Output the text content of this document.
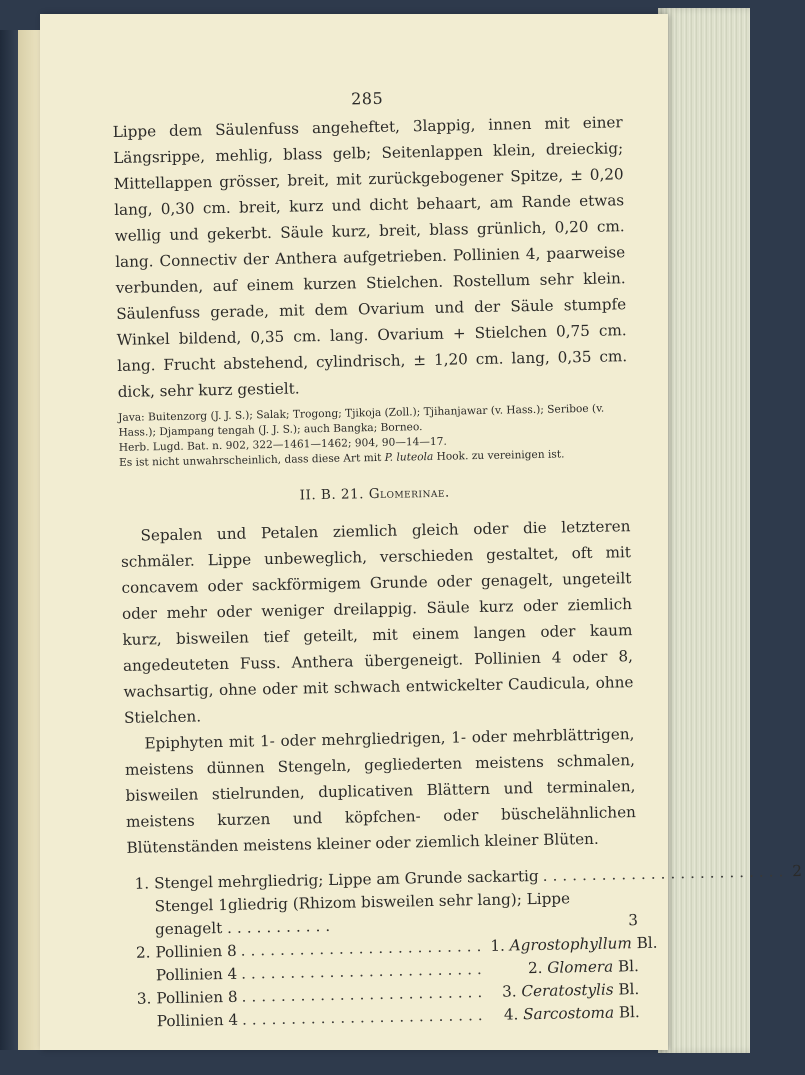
285

Lippe dem Säulenfuss angeheftet, 3lappig, innen mit einer Längsrippe, mehlig, blass gelb; Seitenlappen klein, dreieckig; Mittellappen grösser, breit, mit zurückgebogener Spitze, ± 0,20 lang, 0,30 cm. breit, kurz und dicht behaart, am Rande etwas wellig und gekerbt. Säule kurz, breit, blass grünlich, 0,20 cm. lang. Connectiv der Anthera aufgetrieben. Pollinien 4, paarweise verbunden, auf einem kurzen Stielchen. Rostellum sehr klein. Säulenfuss gerade, mit dem Ovarium und der Säule stumpfe Winkel bildend, 0,35 cm. lang. Ovarium + Stielchen 0,75 cm. lang. Frucht abstehend, cylindrisch, ± 1,20 cm. lang, 0,35 cm. dick, sehr kurz gestielt.

Java: Buitenzorg (J. J. S.); Salak; Trogong; Tjikoja (Zoll.); Tjihanjawar (v. Hass.); Seriboe (v. Hass.); Djampang tengah (J. J. S.); auch Bangka; Borneo.

Herb. Lugd. Bat. n. 902, 322—1461—1462; 904, 90—14—17.

Es ist nicht unwahrscheinlich, dass diese Art mit P. luteola Hook. zu vereinigen ist.

II. B. 21. Glomerinae.

Sepalen und Petalen ziemlich gleich oder die letzteren schmäler. Lippe unbeweglich, verschieden gestaltet, oft mit concavem oder sackförmigem Grunde oder genagelt, ungeteilt oder mehr oder weniger dreilappig. Säule kurz oder ziemlich kurz, bisweilen tief geteilt, mit einem langen oder kaum angedeuteten Fuss. Anthera übergeneigt. Pollinien 4 oder 8, wachsartig, ohne oder mit schwach entwickelter Caudicula, ohne Stielchen.

Epiphyten mit 1- oder mehrgliedrigen, 1- oder mehrblättrigen, meistens dünnen Stengeln, gegliederten meistens schmalen, bisweilen stielrunden, duplicativen Blättern und terminalen, meistens kurzen und köpfchen- oder büschelähnlichen Blütenständen meistens kleiner oder ziemlich kleiner Blüten.

1. Stengel mehrgliedrig; Lippe am Grunde sackartig ......................... 2
Stengel 1gliedrig (Rhizom bisweilen sehr lang); Lippe genagelt ...........	3
2. Pollinien 8 ......................... 1. Agrostophyllum Bl.
Pollinien 4 .........................	2. Glomera Bl.
3. Pollinien 8 ......................... 3. Ceratostylis Bl.
Pollinien 4 .........................	4. Sarcostoma Bl.
